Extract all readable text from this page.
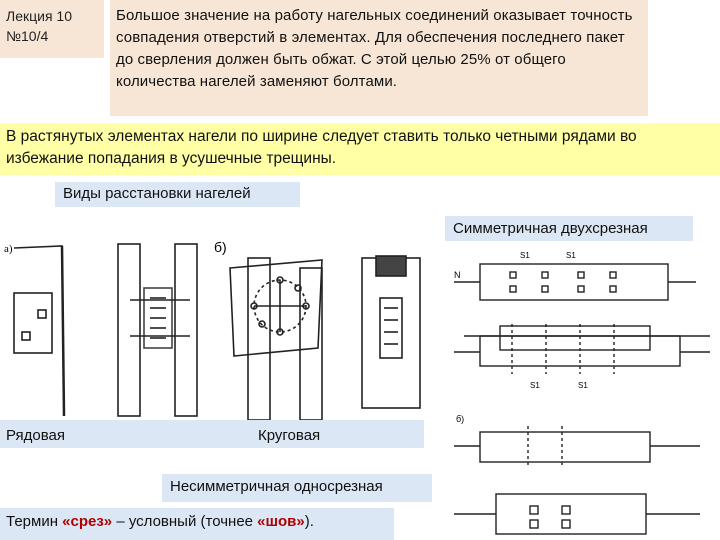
Лекция 10
№10/4
Большое значение на работу нагельных соединений оказывает точность совпадения отверстий в элементах. Для обеспечения последнего пакет до сверления должен быть обжат. С этой целью 25% от общего количества нагелей заменяют болтами.
В растянутых элементах нагели по ширине следует ставить только четными рядами во избежание попадания в усушечные трещины.
Виды расстановки нагелей
Симметричная двухсрезная
а)	б)
N
S1	S1
S1	S1
б)
Рядовая	Круговая
Несимметричная односрезная
Термин «срез» – условный (точнее «шов»).
